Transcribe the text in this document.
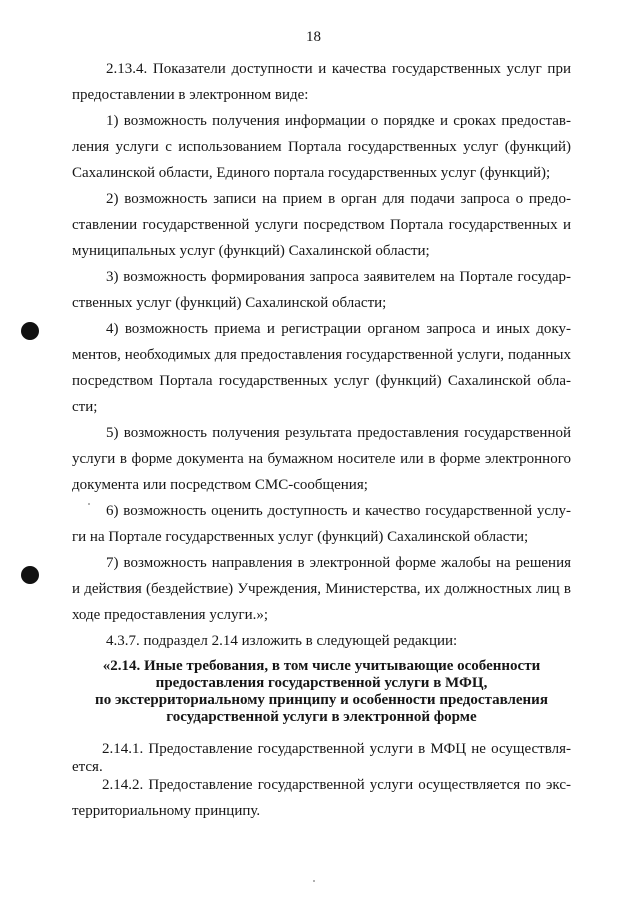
18
2.13.4. Показатели доступности и качества государственных услуг при
предоставлении в электронном виде:
1) возможность получения информации о порядке и сроках предостав-
ления услуги с использованием Портала государственных услуг (функций)
Сахалинской области, Единого портала государственных услуг (функций);
2) возможность записи на прием в орган для подачи запроса о предо-
ставлении государственной услуги посредством Портала государственных и
муниципальных услуг (функций) Сахалинской области;
3) возможность формирования запроса заявителем на Портале государ-
ственных услуг (функций) Сахалинской области;
4) возможность приема и регистрации органом запроса и иных доку-
ментов, необходимых для предоставления государственной услуги, поданных
посредством Портала государственных услуг (функций) Сахалинской обла-
сти;
5) возможность получения результата предоставления государственной
услуги в форме документа на бумажном носителе или в форме электронного
документа или посредством СМС-сообщения;
6) возможность оценить доступность и качество государственной услу-
ги на Портале государственных услуг (функций) Сахалинской области;
7) возможность направления в электронной форме жалобы на решения
и действия (бездействие) Учреждения, Министерства, их должностных лиц в
ходе предоставления услуги.»;
4.3.7. подраздел 2.14 изложить в следующей редакции:
«2.14. Иные требования, в том числе учитывающие особенности
предоставления государственной услуги в МФЦ,
по экстерриториальному принципу и особенности предоставления
государственной услуги в электронной форме
2.14.1. Предоставление государственной услуги в МФЦ не осуществля-
ется.
2.14.2. Предоставление государственной услуги осуществляется по экс-
территориальному принципу.
